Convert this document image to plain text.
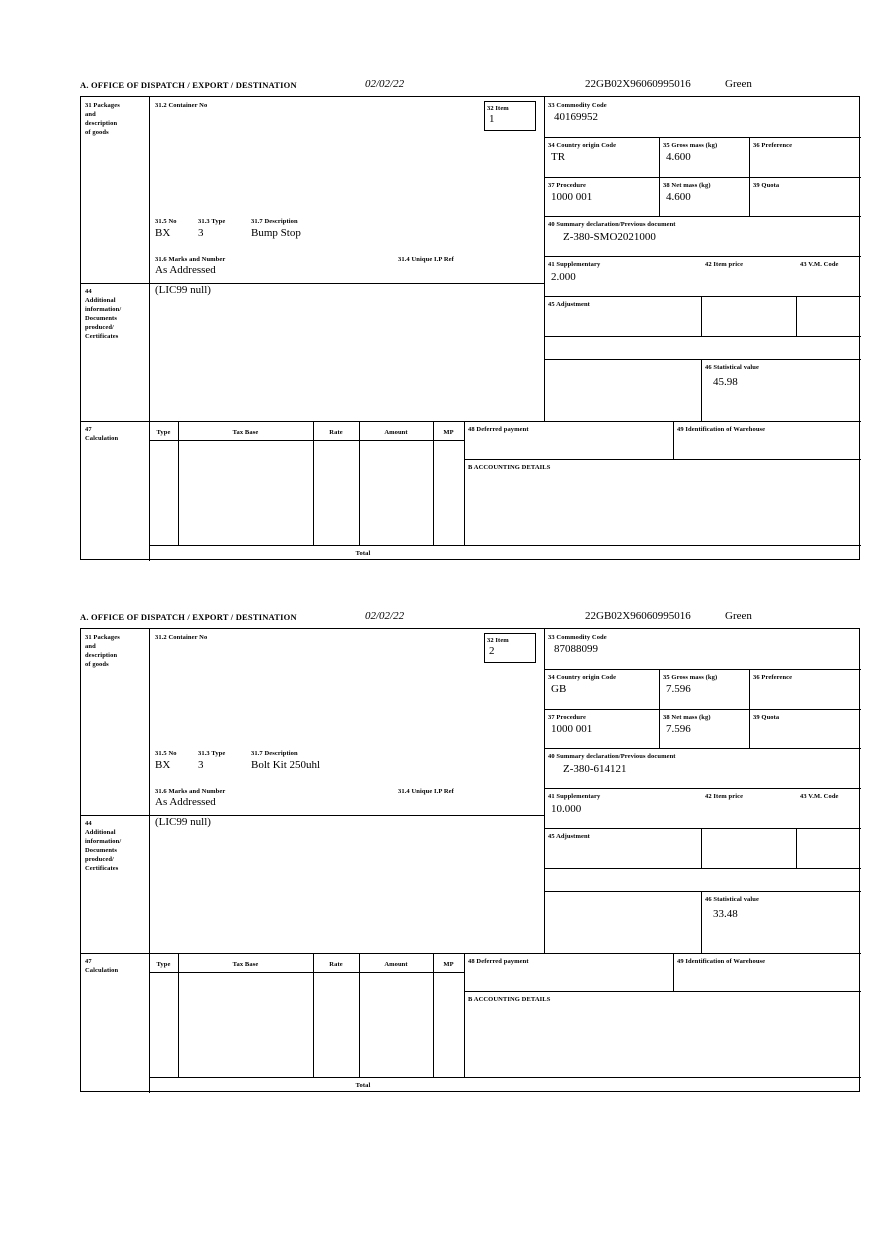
A. OFFICE OF DISPATCH / EXPORT / DESTINATION	02/02/22	22GB02X96060995016	Green
31 Packages
and
description
of goods
31.2 Container No
31.5 No	31.3 Type	31.7 Description
BX	3	Bump Stop
31.6 Marks and Number	31.4 Unique I.P Ref
As Addressed
32 Item
1
44
Additional
information/
Documents
produced/
Certificates
(LIC99 null)
33 Commodity Code
40169952
34 Country origin Code
TR
35 Gross mass (kg)
4.600
36 Preference
37 Procedure
1000 001
38 Net mass (kg)
4.600
39 Quota
40 Summary declaration/Previous document
Z-380-SMO2021000
41 Supplementary
2.000
42 Item price	43 V.M. Code
45 Adjustment
46 Statistical value
45.98
47
Calculation
Type	Tax Base	Rate	Amount	MP
Total
48 Deferred payment	49 Identification of Warehouse
B ACCOUNTING DETAILS
A. OFFICE OF DISPATCH / EXPORT / DESTINATION	02/02/22	22GB02X96060995016	Green
31 Packages
and
description
of goods
31.2 Container No
31.5 No	31.3 Type	31.7 Description
BX	3	Bolt Kit 250uhl
31.6 Marks and Number	31.4 Unique I.P Ref
As Addressed
32 Item
2
44
Additional
information/
Documents
produced/
Certificates
(LIC99 null)
33 Commodity Code
87088099
34 Country origin Code
GB
35 Gross mass (kg)
7.596
36 Preference
37 Procedure
1000 001
38 Net mass (kg)
7.596
39 Quota
40 Summary declaration/Previous document
Z-380-614121
41 Supplementary
10.000
42 Item price	43 V.M. Code
45 Adjustment
46 Statistical value
33.48
47
Calculation
Type	Tax Base	Rate	Amount	MP
Total
48 Deferred payment	49 Identification of Warehouse
B ACCOUNTING DETAILS
